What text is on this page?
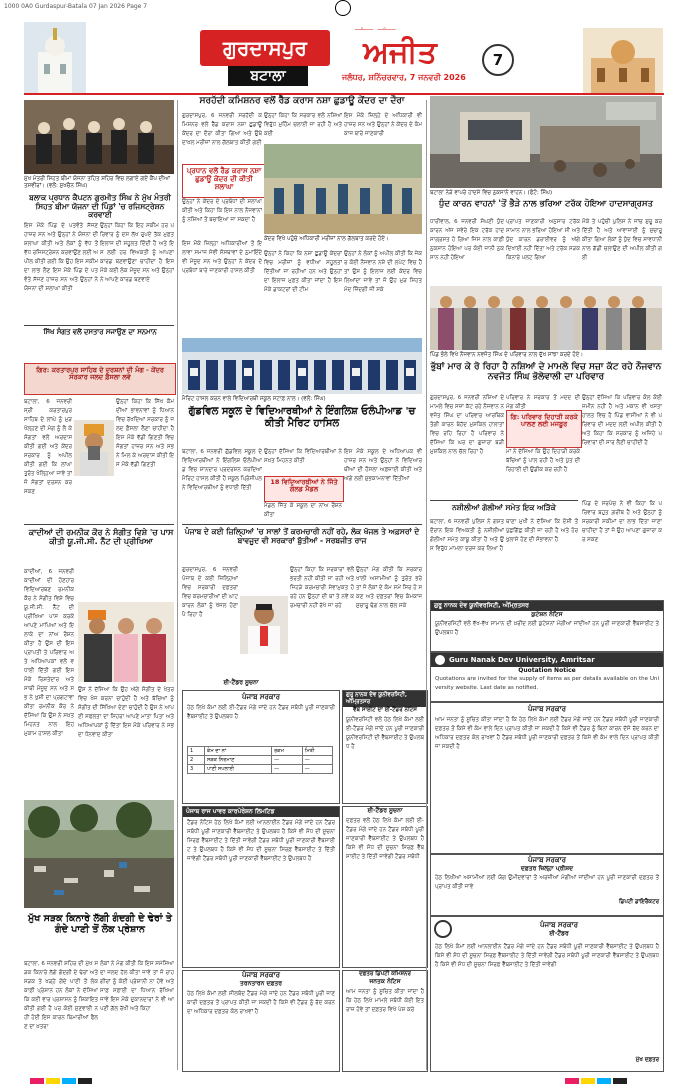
1000 0A0 Gurdaspur-Batala 07 Jan 2026 Page 7
ਗੁਰਦਾਸਪੁਰ
ਬਟਾਲਾ
ਅਜੀਤ
ਜਲੰਧਰ, ਸ਼ਨਿੱਚਰਵਾਰ, 7 ਜਨਵਰੀ 2026
7
ਮੁੱਖ ਮੰਤਰੀ ਸਿਹਤ ਬੀਮਾ ਯੋਜਨਾ ਤਹਿਤ ਸ਼ਹਿਰ ਵਿਚ ਲਗਾਏ ਗਏ ਕੈਂਪ ਦੀਆਂ ਤਸਵੀਰਾਂ। (ਵਲੋਂ: ਸੁਖਚੈਨ ਸਿੰਘ)
ਬਲਾਕ ਪ੍ਰਧਾਨ ਕੈਪਟਨ ਗੁਰਮੀਤ ਸਿੰਘ ਨੇ ਮੁੱਖ ਮੰਤਰੀ ਸਿਹਤ ਬੀਮਾ ਯੋਜਨਾ ਦੀ ਪਿੰਡਾਂ 'ਚ ਰਜਿਸਟ੍ਰੇਸ਼ਨ ਕਰਵਾਈ
ਇਸ ਮੌਕੇ ਪਿੰਡ ਦੇ ਪਤਵੰਤੇ ਸੱਜਣ ਹਾਜ਼ਰ ਸਨ ਅਤੇ ਉਨ੍ਹਾਂ ਨੇ ਯੋਜਨਾ ਦੀ ਸ਼ਲਾਘਾ ਕੀਤੀ ਅਤੇ ਲੋਕਾਂ ਨੂੰ ਵੱਧ ਤੋਂ ਵੱਧ ਰਜਿਸਟ੍ਰੇਸ਼ਨ ਕਰਵਾਉਣ ਲਈ ਅਪੀਲ ਕੀਤੀ ਗਈ ਕਿ ਉਹ ਇਸ ਸਕੀਮ ਦਾ ਲਾਭ ਲੈਣ ਇਸ ਮੌਕੇ ਪਿੰਡ ਦੇ ਪਤਵੰਤੇ ਸੱਜਣ ਹਾਜ਼ਰ ਸਨ ਅਤੇ ਉਨ੍ਹਾਂ ਨੇ ਯੋਜਨਾ ਦੀ ਸ਼ਲਾਘਾ ਕੀਤੀ
ਉਨ੍ਹਾਂ ਕਿਹਾ ਕਿ ਇਹ ਸਕੀਮ ਹਰ ਪਰਿਵਾਰ ਨੂੰ ਦਸ ਲੱਖ ਰੁਪਏ ਤੱਕ ਮੁਫ਼ਤ ਇਲਾਜ ਦੀ ਸਹੂਲਤ ਦਿੰਦੀ ਹੈ ਅਤੇ ਇਸ ਲਈ ਹਰ ਵਿਅਕਤੀ ਨੂੰ ਆਪਣਾ ਕਾਰਡ ਬਣਵਾਉਣਾ ਚਾਹੀਦਾ ਹੈ ਇਸ ਮੌਕੇ ਕਈ ਲੋਕ ਮੌਜੂਦ ਸਨ ਅਤੇ ਉਨ੍ਹਾਂ ਨੇ ਆਪਣੇ ਕਾਰਡ ਬਣਵਾਏ
ਸਿੱਖ ਸੰਗਤ ਵਲੋਂ ਦਸਤਾਰ ਸਜਾਉਣ ਦਾ ਸਨਮਾਨ
ਗਿਰ: ਕਰਤਾਰਪੁਰ ਸਾਹਿਬ ਦੇ ਦਰਸ਼ਨਾਂ ਦੀ ਮੰਗ - ਕੇਂਦਰ ਸਰਕਾਰ ਜਲਦ ਫ਼ੈਸਲਾ ਲਵੇ
ਬਟਾਲਾ, 6 ਜਨਵਰੀ ਸ੍ਰੀ ਕਰਤਾਰਪੁਰ ਸਾਹਿਬ ਦੇ ਲਾਂਘੇ ਨੂੰ ਮੁੜ ਖੋਲ੍ਹਣ ਦੀ ਮੰਗ ਨੂੰ ਲੈ ਕੇ ਸੰਗਤਾਂ ਵਲੋਂ ਅਰਦਾਸ ਕੀਤੀ ਗਈ ਅਤੇ ਕੇਂਦਰ ਸਰਕਾਰ ਨੂੰ ਅਪੀਲ ਕੀਤੀ ਗਈ ਕਿ ਲਾਂਘਾ ਤੁਰੰਤ ਖੋਲ੍ਹਿਆ ਜਾਵੇ ਤਾਂ ਜੋ ਸੰਗਤਾਂ ਦਰਸ਼ਨ ਕਰ ਸਕਣ
ਉਨ੍ਹਾਂ ਕਿਹਾ ਕਿ ਸਿੱਖ ਕੌਮ ਦੀਆਂ ਭਾਵਨਾਵਾਂ ਨੂੰ ਧਿਆਨ ਵਿਚ ਰੱਖਦਿਆਂ ਸਰਕਾਰ ਨੂੰ ਜਲਦ ਫ਼ੈਸਲਾ ਲੈਣਾ ਚਾਹੀਦਾ ਹੈ ਇਸ ਮੌਕੇ ਵੱਡੀ ਗਿਣਤੀ ਵਿਚ ਸੰਗਤਾਂ ਹਾਜ਼ਰ ਸਨ ਅਤੇ ਸਭ ਨੇ ਮਿਲ ਕੇ ਅਰਦਾਸ ਕੀਤੀ ਇਸ ਮੌਕੇ ਵੱਡੀ ਗਿਣਤੀ
ਕਾਦੀਆਂ ਦੀ ਰਮਨੀਕ ਕੌਰ ਨੇ ਸੰਗੀਤ ਵਿਸ਼ੇ 'ਚ ਪਾਸ ਕੀਤੀ ਯੂ.ਜੀ.ਸੀ. ਨੈੱਟ ਦੀ ਪ੍ਰੀਖਿਆ
ਕਾਦੀਆਂ, 6 ਜਨਵਰੀ ਕਾਦੀਆਂ ਦੀ ਹੋਣਹਾਰ ਵਿਦਿਆਰਥਣ ਰਮਨੀਕ ਕੌਰ ਨੇ ਸੰਗੀਤ ਵਿਸ਼ੇ ਵਿਚ ਯੂ.ਜੀ.ਸੀ. ਨੈੱਟ ਦੀ ਪ੍ਰੀਖਿਆ ਪਾਸ ਕਰਕੇ ਆਪਣੇ ਮਾਪਿਆਂ ਅਤੇ ਇਲਾਕੇ ਦਾ ਨਾਂਅ ਰੌਸ਼ਨ ਕੀਤਾ ਹੈ ਉਸ ਦੀ ਇਸ ਪ੍ਰਾਪਤੀ ਤੇ ਪਰਿਵਾਰ ਅਤੇ ਅਧਿਆਪਕਾਂ ਵਲੋਂ ਵਧਾਈ ਦਿੱਤੀ ਗਈ ਇਸ ਮੌਕੇ ਰਿਸ਼ਤੇਦਾਰ ਅਤੇ ਸਾਥੀ ਮੌਜੂਦ ਸਨ ਅਤੇ ਸਭ ਨੇ ਖੁਸ਼ੀ ਦਾ ਪ੍ਰਗਟਾਵਾ ਕੀਤਾ ਰਮਨੀਕ ਕੌਰ ਨੇ ਦੱਸਿਆ ਕਿ ਉਸ ਨੇ ਸਖ਼ਤ ਮਿਹਨਤ ਨਾਲ ਇਹ ਮੁਕਾਮ ਹਾਸਲ ਕੀਤਾ
ਉਸ ਨੇ ਦੱਸਿਆ ਕਿ ਉਹ ਅੱਗੇ ਸੰਗੀਤ ਦੇ ਖੇਤਰ ਵਿਚ ਖੋਜ ਕਰਨਾ ਚਾਹੁੰਦੀ ਹੈ ਅਤੇ ਬੱਚਿਆਂ ਨੂੰ ਸੰਗੀਤ ਦੀ ਸਿੱਖਿਆ ਦੇਣਾ ਚਾਹੁੰਦੀ ਹੈ ਉਸ ਨੇ ਆਪਣੀ ਸਫਲਤਾ ਦਾ ਸਿਹਰਾ ਆਪਣੇ ਮਾਤਾ ਪਿਤਾ ਅਤੇ ਅਧਿਆਪਕਾਂ ਨੂੰ ਦਿੱਤਾ ਇਸ ਮੌਕੇ ਪਰਿਵਾਰ ਨੇ ਸਭ ਦਾ ਧੰਨਵਾਦ ਕੀਤਾ
ਮੁੱਖ ਸੜਕ ਕਿਨਾਰੇ ਲੱਗੀ ਗੰਦਗੀ ਦੇ ਢੇਰਾਂ ਤੇ ਗੰਦੇ ਪਾਣੀ ਤੋਂ ਲੋਕ ਪ੍ਰੇਸ਼ਾਨ
ਬਟਾਲਾ, 6 ਜਨਵਰੀ ਸ਼ਹਿਰ ਦੀ ਮੁੱਖ ਸੜਕ ਕਿਨਾਰੇ ਲੱਗੇ ਗੰਦਗੀ ਦੇ ਢੇਰਾਂ ਅਤੇ ਸੜਕ ਤੇ ਖੜ੍ਹੇ ਗੰਦੇ ਪਾਣੀ ਤੋਂ ਲੋਕ ਕਾਫ਼ੀ ਪ੍ਰੇਸ਼ਾਨ ਹਨ ਲੋਕਾਂ ਨੇ ਦੱਸਿਆ ਕਿ ਕਈ ਵਾਰ ਪ੍ਰਸ਼ਾਸਨ ਨੂੰ ਸ਼ਿਕਾਇਤ ਕੀਤੀ ਗਈ ਹੈ ਪਰ ਕੋਈ ਸੁਣਵਾਈ ਨਹੀਂ ਹੋਈ ਇਸ ਕਾਰਨ ਬਿਮਾਰੀਆਂ ਫੈਲਣ ਦਾ ਖ਼ਤਰਾ
ਲੋਕਾਂ ਨੇ ਮੰਗ ਕੀਤੀ ਕਿ ਇਸ ਸਮੱਸਿਆ ਦਾ ਜਲਦ ਹੱਲ ਕੀਤਾ ਜਾਵੇ ਤਾਂ ਜੋ ਰਾਹਗੀਰਾਂ ਨੂੰ ਕੋਈ ਪ੍ਰੇਸ਼ਾਨੀ ਨਾ ਹੋਵੇ ਅਤੇ ਸਾਫ਼ ਸਫ਼ਾਈ ਦਾ ਧਿਆਨ ਰੱਖਿਆ ਜਾਵੇ ਇਸ ਮੌਕੇ ਦੁਕਾਨਦਾਰਾਂ ਨੇ ਵੀ ਆਪਣੀ ਗੱਲ ਰੱਖੀ ਅਤੇ ਕਿਹਾ
ਸਰਹੱਦੀ ਕਮਿਸ਼ਨਰ ਵਲੋਂ ਰੈੱਡ ਕਰਾਸ ਨਸ਼ਾ ਛੁਡਾਊ ਕੇਂਦਰ ਦਾ ਦੌਰਾ
ਗੁਰਦਾਸਪੁਰ, 6 ਜਨਵਰੀ ਸਰਹੱਦੀ ਕਮਿਸ਼ਨਰ ਵਲੋਂ ਰੈੱਡ ਕਰਾਸ ਨਸ਼ਾ ਛੁਡਾਊ ਕੇਂਦਰ ਦਾ ਦੌਰਾ ਕੀਤਾ ਗਿਆ ਅਤੇ ਉਥੇ ਦਾਖ਼ਲ ਮਰੀਜ਼ਾਂ ਨਾਲ ਗੱਲਬਾਤ ਕੀਤੀ ਗਈ
ਪ੍ਰਧਾਨ ਵਲੋਂ ਰੈੱਡ ਕਰਾਸ ਨਸ਼ਾ ਛੁਡਾਊ ਕੇਂਦਰ ਦੀ ਕੀਤੀ ਸ਼ਲਾਘਾ
ਉਨ੍ਹਾਂ ਨੇ ਕੇਂਦਰ ਦੇ ਪ੍ਰਬੰਧਾਂ ਦੀ ਸ਼ਲਾਘਾ ਕੀਤੀ ਅਤੇ ਕਿਹਾ ਕਿ ਇਸ ਨਾਲ ਨੌਜਵਾਨਾਂ ਨੂੰ ਨਸ਼ਿਆਂ ਤੋਂ ਬਚਾਇਆ ਜਾ ਸਕਦਾ ਹੈ
ਉਨ੍ਹਾਂ ਕਿਹਾ ਕਿ ਸਰਕਾਰ ਵਲੋਂ ਨਸ਼ਿਆਂ ਵਿਰੁੱਧ ਮੁਹਿੰਮ ਚਲਾਈ ਜਾ ਰਹੀ ਹੈ ਅਤੇ ਕਈ
ਇਸ ਮੌਕੇ ਜ਼ਿਲ੍ਹੇ ਦੇ ਅਧਿਕਾਰੀ ਵੀ ਹਾਜ਼ਰ ਸਨ ਅਤੇ ਉਨ੍ਹਾਂ ਨੇ ਕੇਂਦਰ ਦੇ ਕੰਮਕਾਜ ਬਾਰੇ ਜਾਣਕਾਰੀ
ਕੇਂਦਰ ਵਿਖੇ ਪਹੁੰਚੇ ਅਧਿਕਾਰੀ ਮਰੀਜ਼ਾਂ ਨਾਲ ਗੱਲਬਾਤ ਕਰਦੇ ਹੋਏ।
ਉਨ੍ਹਾਂ ਨੇ ਕਿਹਾ ਕਿ ਨਸ਼ਾ ਛੁਡਾਊ ਕੇਂਦਰਾਂ ਵਿਚ ਮਰੀਜ਼ਾਂ ਨੂੰ ਵਧੀਆ ਸਹੂਲਤਾਂ ਦਿੱਤੀਆਂ ਜਾ ਰਹੀਆਂ ਹਨ ਅਤੇ ਉਨ੍ਹਾਂ ਦਾ ਇਲਾਜ ਮੁਫ਼ਤ ਕੀਤਾ ਜਾਂਦਾ ਹੈ ਇਸ ਮੌਕੇ ਡਾਕਟਰਾਂ ਦੀ ਟੀਮ
ਉਨ੍ਹਾਂ ਨੇ ਲੋਕਾਂ ਨੂੰ ਅਪੀਲ ਕੀਤੀ ਕਿ ਜੇਕਰ ਕੋਈ ਨੌਜਵਾਨ ਨਸ਼ੇ ਦੀ ਲਪੇਟ ਵਿਚ ਹੈ ਤਾਂ ਉਸ ਨੂੰ ਇਲਾਜ ਲਈ ਕੇਂਦਰ ਵਿਚ ਲਿਆਂਦਾ ਜਾਵੇ ਤਾਂ ਜੋ ਉਹ ਮੁੜ ਸਿਹਤਮੰਦ ਜ਼ਿੰਦਗੀ ਜੀ ਸਕੇ
ਇਸ ਮੌਕੇ ਜ਼ਿਲ੍ਹਾ ਅਧਿਕਾਰੀਆਂ ਤੋਂ ਇਲਾਵਾ ਸਮਾਜ ਸੇਵੀ ਸੰਸਥਾਵਾਂ ਦੇ ਨੁਮਾਇੰਦੇ ਵੀ ਮੌਜੂਦ ਸਨ ਅਤੇ ਉਨ੍ਹਾਂ ਨੇ ਕੇਂਦਰ ਦੇ ਪ੍ਰਬੰਧਾਂ ਬਾਰੇ ਜਾਣਕਾਰੀ ਹਾਸਲ ਕੀਤੀ
ਮੈਰਿਟ ਹਾਸਲ ਕਰਨ ਵਾਲੇ ਵਿਦਿਆਰਥੀ ਸਕੂਲ ਸਟਾਫ਼ ਨਾਲ। (ਵਲੋਂ: ਸਿੰਘ)
ਗੁੱਡਵਿਲ ਸਕੂਲ ਦੇ ਵਿਦਿਆਰਥੀਆਂ ਨੇ ਇੰਗਲਿਸ਼ ਓਲੰਪੀਆਡ 'ਚ ਕੀਤੀ ਮੈਰਿਟ ਹਾਸਿਲ
ਬਟਾਲਾ, 6 ਜਨਵਰੀ ਗੁੱਡਵਿਲ ਸਕੂਲ ਦੇ ਵਿਦਿਆਰਥੀਆਂ ਨੇ ਇੰਗਲਿਸ਼ ਓਲੰਪੀਆਡ ਵਿਚ ਸ਼ਾਨਦਾਰ ਪ੍ਰਦਰਸ਼ਨ ਕਰਦਿਆਂ ਮੈਰਿਟ ਹਾਸਲ ਕੀਤੀ ਹੈ ਸਕੂਲ ਪ੍ਰਿੰਸੀਪਲ ਨੇ ਵਿਦਿਆਰਥੀਆਂ ਨੂੰ ਵਧਾਈ ਦਿੱਤੀ
ਉਨ੍ਹਾਂ ਦੱਸਿਆ ਕਿ ਵਿਦਿਆਰਥੀਆਂ ਨੇ ਸਖ਼ਤ ਮਿਹਨਤ ਕੀਤੀ
18 ਵਿਦਿਆਰਥੀਆਂ ਨੇ ਜਿੱਤੇ ਗੋਲਡ ਮੈਡਲ
ਇਸ ਮੌਕੇ ਸਕੂਲ ਦੇ ਅਧਿਆਪਕ ਵੀ ਹਾਜ਼ਰ ਸਨ ਅਤੇ ਉਨ੍ਹਾਂ ਨੇ ਵਿਦਿਆਰਥੀਆਂ ਦੀ ਹੌਸਲਾ ਅਫ਼ਜ਼ਾਈ ਕੀਤੀ ਅਤੇ ਅੱਗੇ ਲਈ ਸ਼ੁਭਕਾਮਨਾਵਾਂ ਦਿੱਤੀਆਂ
ਮੈਡਲ ਜਿੱਤ ਕੇ ਸਕੂਲ ਦਾ ਨਾਂਅ ਰੌਸ਼ਨ ਕੀਤਾ
ਪੰਜਾਬ ਦੇ ਕਈ ਜ਼ਿਲ੍ਹਿਆਂ 'ਚ ਸਾਲਾਂ ਤੋਂ ਕਰਮਚਾਰੀ ਨਹੀਂ ਰਹੇ, ਲੋਕ ਖੱਜਲ ਤੇ ਅਫ਼ਸਰਾਂ ਦੇ ਬਾਵਜੂਦ ਵੀ ਸਰਕਾਰਾਂ ਬੁੱਤੀਆਂ - ਸਰਬਜੀਤ ਰਾਜ
ਗੁਰਦਾਸਪੁਰ, 6 ਜਨਵਰੀ ਪੰਜਾਬ ਦੇ ਕਈ ਜ਼ਿਲ੍ਹਿਆਂ ਵਿਚ ਸਰਕਾਰੀ ਦਫ਼ਤਰਾਂ ਵਿਚ ਕਰਮਚਾਰੀਆਂ ਦੀ ਘਾਟ ਕਾਰਨ ਲੋਕਾਂ ਨੂੰ ਖੱਜਲ ਹੋਣਾ ਪੈ ਰਿਹਾ ਹੈ
ਉਨ੍ਹਾਂ ਕਿਹਾ ਕਿ ਸਰਕਾਰਾਂ ਵਲੋਂ ਭਰਤੀ ਨਹੀਂ ਕੀਤੀ ਜਾ ਰਹੀ ਅਤੇ ਜਿਹੜੇ ਕਰਮਚਾਰੀ ਸੇਵਾਮੁਕਤ ਹੋ ਰਹੇ ਹਨ ਉਨ੍ਹਾਂ ਦੀ ਥਾਂ ਤੇ ਨਵੇਂ ਕਰਮਚਾਰੀ ਨਹੀਂ ਰੱਖੇ ਜਾ ਰਹੇ
ਉਨ੍ਹਾਂ ਮੰਗ ਕੀਤੀ ਕਿ ਸਰਕਾਰ ਖਾਲੀ ਅਸਾਮੀਆਂ ਨੂੰ ਤੁਰੰਤ ਭਰੇ ਤਾਂ ਜੋ ਲੋਕਾਂ ਦੇ ਕੰਮ ਸਮੇਂ ਸਿਰ ਹੋ ਸਕਣ ਅਤੇ ਦਫ਼ਤਰਾਂ ਵਿਚ ਕੰਮਕਾਜ ਸੁਚਾਰੂ ਢੰਗ ਨਾਲ ਚੱਲ ਸਕੇ
ਈ-ਟੈਂਡਰ ਸੂਚਨਾ
ਪੰਜਾਬ ਸਰਕਾਰ
ਹੇਠ ਲਿਖੇ ਕੰਮਾਂ ਲਈ ਈ-ਟੈਂਡਰ ਮੰਗੇ ਜਾਂਦੇ ਹਨ ਟੈਂਡਰ ਸਬੰਧੀ ਪੂਰੀ ਜਾਣਕਾਰੀ ਵੈੱਬਸਾਈਟ ਤੇ ਉਪਲਬਧ ਹੈ
1	ਕੰਮ ਦਾ ਨਾਂ	ਰਕਮ	ਮਿਤੀ
2	ਸੜਕ ਨਿਰਮਾਣ	—	—
3	ਪਾਣੀ ਸਪਲਾਈ	—	—
ਪੰਜਾਬ ਰਾਜ ਪਾਵਰ ਕਾਰਪੋਰੇਸ਼ਨ ਲਿਮਟਿਡ
ਟੈਂਡਰ ਨੋਟਿਸ ਹੇਠ ਲਿਖੇ ਕੰਮਾਂ ਲਈ ਆਨਲਾਈਨ ਟੈਂਡਰ ਮੰਗੇ ਜਾਂਦੇ ਹਨ ਟੈਂਡਰ ਸਬੰਧੀ ਪੂਰੀ ਜਾਣਕਾਰੀ ਵੈੱਬਸਾਈਟ ਤੇ ਉਪਲਬਧ ਹੈ ਕਿਸੇ ਵੀ ਸੋਧ ਦੀ ਸੂਚਨਾ ਸਿਰਫ਼ ਵੈੱਬਸਾਈਟ ਤੇ ਦਿੱਤੀ ਜਾਵੇਗੀ ਟੈਂਡਰ ਸਬੰਧੀ ਪੂਰੀ ਜਾਣਕਾਰੀ ਵੈੱਬਸਾਈਟ ਤੇ ਉਪਲਬਧ ਹੈ ਕਿਸੇ ਵੀ ਸੋਧ ਦੀ ਸੂਚਨਾ ਸਿਰਫ਼ ਵੈੱਬਸਾਈਟ ਤੇ ਦਿੱਤੀ ਜਾਵੇਗੀ ਟੈਂਡਰ ਸਬੰਧੀ ਪੂਰੀ ਜਾਣਕਾਰੀ ਵੈੱਬਸਾਈਟ ਤੇ ਉਪਲਬਧ ਹੈ
ਪੰਜਾਬ ਸਰਕਾਰ
ਤਰਨਤਾਰਨ ਦਫ਼ਤਰ
ਹੇਠ ਲਿਖੇ ਕੰਮਾਂ ਲਈ ਸੀਲਬੰਦ ਟੈਂਡਰ ਮੰਗੇ ਜਾਂਦੇ ਹਨ ਟੈਂਡਰ ਸਬੰਧੀ ਪੂਰੀ ਜਾਣਕਾਰੀ ਦਫ਼ਤਰ ਤੋਂ ਪ੍ਰਾਪਤ ਕੀਤੀ ਜਾ ਸਕਦੀ ਹੈ ਕਿਸੇ ਵੀ ਟੈਂਡਰ ਨੂੰ ਰੱਦ ਕਰਨ ਦਾ ਅਧਿਕਾਰ ਦਫ਼ਤਰ ਕੋਲ ਰਾਖਵਾਂ ਹੈ
ਗੁਰੂ ਨਾਨਕ ਦੇਵ ਯੂਨੀਵਰਸਿਟੀ, ਅੰਮ੍ਰਿਤਸਰ
ਵੈੱਬ ਸਾਈਟ ਦਾ ਈ-ਟੈਂਡਰ ਨੋਟਿਸ
ਯੂਨੀਵਰਸਿਟੀ ਵਲੋਂ ਹੇਠ ਲਿਖੇ ਕੰਮਾਂ ਲਈ ਈ-ਟੈਂਡਰ ਮੰਗੇ ਜਾਂਦੇ ਹਨ ਪੂਰੀ ਜਾਣਕਾਰੀ ਯੂਨੀਵਰਸਿਟੀ ਦੀ ਵੈੱਬਸਾਈਟ ਤੇ ਉਪਲਬਧ ਹੈ
ਈ-ਟੈਂਡਰ ਸੂਚਨਾ
ਦਫ਼ਤਰ ਵਲੋਂ ਹੇਠ ਲਿਖੇ ਕੰਮਾਂ ਲਈ ਈ-ਟੈਂਡਰ ਮੰਗੇ ਜਾਂਦੇ ਹਨ ਟੈਂਡਰ ਸਬੰਧੀ ਪੂਰੀ ਜਾਣਕਾਰੀ ਵੈੱਬਸਾਈਟ ਤੇ ਉਪਲਬਧ ਹੈ ਕਿਸੇ ਵੀ ਸੋਧ ਦੀ ਸੂਚਨਾ ਸਿਰਫ਼ ਵੈੱਬਸਾਈਟ ਤੇ ਦਿੱਤੀ ਜਾਵੇਗੀ ਟੈਂਡਰ ਸਬੰਧੀ
ਦਫ਼ਤਰ ਡਿਪਟੀ ਕਮਿਸ਼ਨਰ
ਜਨਤਕ ਨੋਟਿਸ
ਆਮ ਜਨਤਾ ਨੂੰ ਸੂਚਿਤ ਕੀਤਾ ਜਾਂਦਾ ਹੈ ਕਿ ਹੇਠ ਲਿਖੇ ਮਾਮਲੇ ਸਬੰਧੀ ਕੋਈ ਇਤਰਾਜ਼ ਹੋਵੇ ਤਾਂ ਦਫ਼ਤਰ ਵਿਖੇ ਪੇਸ਼ ਕਰੇ
ਬਟਾਲਾ ਨੇੜੇ ਵਾਪਰੇ ਹਾਦਸੇ ਵਿਚ ਨੁਕਸਾਨੇ ਵਾਹਨ। (ਫੋਟੋ: ਸਿੰਘ)
ਧੁੰਦ ਕਾਰਨ ਵਾਹਨਾਂ 'ਤੋਂ ਭੈੜੇ ਨਾਲ ਭਰਿਆ ਟਰੱਕ ਹੋਇਆ ਹਾਦਸਾਗ੍ਰਸਤ
ਧਾਰੀਵਾਲ, 6 ਜਨਵਰੀ ਸੰਘਣੀ ਧੁੰਦ ਕਾਰਨ ਅੱਜ ਸਵੇਰੇ ਇਕ ਟਰੱਕ ਹਾਦਸਾਗ੍ਰਸਤ ਹੋ ਗਿਆ ਜਿਸ ਨਾਲ ਕਾਫ਼ੀ ਨੁਕਸਾਨ ਹੋਇਆ ਪਰ ਕੋਈ ਜਾਨੀ ਨੁਕਸਾਨ ਨਹੀਂ ਹੋਇਆ
ਪ੍ਰਾਪਤ ਜਾਣਕਾਰੀ ਅਨੁਸਾਰ ਟਰੱਕ ਸਾਮਾਨ ਨਾਲ ਭਰਿਆ ਹੋਇਆ ਸੀ ਅਤੇ ਧੁੰਦ ਕਾਰਨ ਡਰਾਈਵਰ ਨੂੰ ਅੱਗੇ ਦਿਖਾਈ ਨਹੀਂ ਦਿੱਤਾ ਅਤੇ ਟਰੱਕ ਸੜਕ ਕਿਨਾਰੇ ਪਲਟ ਗਿਆ
ਮੌਕੇ ਤੇ ਪਹੁੰਚੀ ਪੁਲਿਸ ਨੇ ਜਾਂਚ ਸ਼ੁਰੂ ਕਰ ਦਿੱਤੀ ਹੈ ਅਤੇ ਆਵਾਜਾਈ ਨੂੰ ਸੁਚਾਰੂ ਕੀਤਾ ਗਿਆ ਲੋਕਾਂ ਨੂੰ ਧੁੰਦ ਵਿਚ ਸਾਵਧਾਨੀ ਨਾਲ ਗੱਡੀ ਚਲਾਉਣ ਦੀ ਅਪੀਲ ਕੀਤੀ ਗਈ
ਪਿੰਡ ਭੋਲੇ ਵਿਖੇ ਨੌਜਵਾਨ ਨਵਜੋਤ ਸਿੰਘ ਦੇ ਪਰਿਵਾਰ ਨਾਲ ਦੁੱਖ ਸਾਂਝਾ ਕਰਦੇ ਹੋਏ।
ਭੁੱਬਾਂ ਮਾਰ ਕੇ ਰੋ ਰਿਹਾ ਹੈ ਨਸ਼ਿਆਂ ਦੇ ਮਾਮਲੇ ਵਿਚ ਸਜ਼ਾ ਕੱਟ ਰਹੇ ਨੌਜਵਾਨ ਨਵਜੋਤ ਸਿੰਘ ਭੋਲੇਵਾਲੀ ਦਾ ਪਰਿਵਾਰ
ਗੁਰਦਾਸਪੁਰ, 6 ਜਨਵਰੀ ਨਸ਼ਿਆਂ ਦੇ ਮਾਮਲੇ ਵਿਚ ਸਜ਼ਾ ਕੱਟ ਰਹੇ ਨੌਜਵਾਨ ਨਵਜੋਤ ਸਿੰਘ ਦਾ ਪਰਿਵਾਰ ਆਰਥਿਕ ਤੰਗੀ ਕਾਰਨ ਬੇਹੱਦ ਮੁਸ਼ਕਿਲ ਹਾਲਾਤਾਂ ਵਿਚ ਰਹਿ ਰਿਹਾ ਹੈ ਪਰਿਵਾਰ ਨੇ ਦੱਸਿਆ ਕਿ ਘਰ ਦਾ ਗੁਜ਼ਾਰਾ ਬੜੀ ਮੁਸ਼ਕਿਲ ਨਾਲ ਚੱਲ ਰਿਹਾ ਹੈ
ਗਿ: ਪਰਿਵਾਰ ਦਿਹਾੜੀ ਕਰਕੇ ਪਾਲਣ ਲਈ ਮਜਬੂਰ
ਪਰਿਵਾਰ ਨੇ ਸਰਕਾਰ ਤੋਂ ਮਦਦ ਦੀ ਮੰਗ ਕੀਤੀ
ਮਾਂ ਨੇ ਦੱਸਿਆ ਕਿ ਉਹ ਦਿਹਾੜੀ ਕਰਕੇ ਬੱਚਿਆਂ ਨੂੰ ਪਾਲ ਰਹੀ ਹੈ ਅਤੇ ਪੁੱਤ ਦੀ ਰਿਹਾਈ ਦੀ ਉਡੀਕ ਕਰ ਰਹੀ ਹੈ
ਉਨ੍ਹਾਂ ਦੱਸਿਆ ਕਿ ਪਰਿਵਾਰ ਕੋਲ ਕੋਈ ਜ਼ਮੀਨ ਨਹੀਂ ਹੈ ਅਤੇ ਮਕਾਨ ਵੀ ਖਸਤਾ ਹਾਲਤ ਵਿਚ ਹੈ ਪਿੰਡ ਵਾਸੀਆਂ ਨੇ ਵੀ ਪਰਿਵਾਰ ਦੀ ਮਦਦ ਲਈ ਅਪੀਲ ਕੀਤੀ ਹੈ ਅਤੇ ਕਿਹਾ ਕਿ ਸਰਕਾਰ ਨੂੰ ਅਜਿਹੇ ਪਰਿਵਾਰਾਂ ਦੀ ਸਾਰ ਲੈਣੀ ਚਾਹੀਦੀ ਹੈ
ਨਸ਼ੀਲੀਆਂ ਗੋਲੀਆਂ ਸਮੇਤ ਇਕ ਅੜਿੱਕੇ
ਬਟਾਲਾ, 6 ਜਨਵਰੀ ਪੁਲਿਸ ਨੇ ਗਸ਼ਤ ਦੌਰਾਨ ਇਕ ਵਿਅਕਤੀ ਨੂੰ ਨਸ਼ੀਲੀਆਂ ਗੋਲੀਆਂ ਸਮੇਤ ਕਾਬੂ ਕੀਤਾ ਹੈ ਅਤੇ ਉਸ ਵਿਰੁੱਧ ਮਾਮਲਾ ਦਰਜ ਕਰ ਲਿਆ ਹੈ
ਥਾਣਾ ਮੁਖੀ ਨੇ ਦੱਸਿਆ ਕਿ ਦੋਸ਼ੀ ਤੋਂ ਪੁੱਛਗਿੱਛ ਕੀਤੀ ਜਾ ਰਹੀ ਹੈ ਅਤੇ ਹੋਰ ਖੁਲਾਸੇ ਹੋਣ ਦੀ ਸੰਭਾਵਨਾ ਹੈ
ਪਿੰਡ ਦੇ ਸਰਪੰਚ ਨੇ ਵੀ ਕਿਹਾ ਕਿ ਪਰਿਵਾਰ ਬਹੁਤ ਗ਼ਰੀਬ ਹੈ ਅਤੇ ਉਨ੍ਹਾਂ ਨੂੰ ਸਰਕਾਰੀ ਸਕੀਮਾਂ ਦਾ ਲਾਭ ਦਿੱਤਾ ਜਾਣਾ ਚਾਹੀਦਾ ਹੈ ਤਾਂ ਜੋ ਉਹ ਆਪਣਾ ਗੁਜ਼ਾਰਾ ਕਰ ਸਕਣ
ਗੁਰੂ ਨਾਨਕ ਦੇਵ ਯੂਨੀਵਰਸਿਟੀ, ਅੰਮ੍ਰਿਤਸਰ
ਕੁਟੇਸ਼ਨ ਨੋਟਿਸ
ਯੂਨੀਵਰਸਿਟੀ ਵਲੋਂ ਵੱਖ-ਵੱਖ ਸਾਮਾਨ ਦੀ ਖ਼ਰੀਦ ਲਈ ਕੁਟੇਸ਼ਨਾਂ ਮੰਗੀਆਂ ਜਾਂਦੀਆਂ ਹਨ ਪੂਰੀ ਜਾਣਕਾਰੀ ਵੈੱਬਸਾਈਟ ਤੇ ਉਪਲਬਧ ਹੈ
Guru Nanak Dev University, Amritsar
Quotation Notice
Quotations are invited for the supply of items as per details available on the University website. Last date as notified.
ਪੰਜਾਬ ਸਰਕਾਰ
ਆਮ ਜਨਤਾ ਨੂੰ ਸੂਚਿਤ ਕੀਤਾ ਜਾਂਦਾ ਹੈ ਕਿ ਹੇਠ ਲਿਖੇ ਕੰਮਾਂ ਲਈ ਟੈਂਡਰ ਮੰਗੇ ਜਾਂਦੇ ਹਨ ਟੈਂਡਰ ਸਬੰਧੀ ਪੂਰੀ ਜਾਣਕਾਰੀ ਦਫ਼ਤਰ ਤੋਂ ਕਿਸੇ ਵੀ ਕੰਮ ਵਾਲੇ ਦਿਨ ਪ੍ਰਾਪਤ ਕੀਤੀ ਜਾ ਸਕਦੀ ਹੈ ਕਿਸੇ ਵੀ ਟੈਂਡਰ ਨੂੰ ਬਿਨਾਂ ਕਾਰਨ ਦੱਸੇ ਰੱਦ ਕਰਨ ਦਾ ਅਧਿਕਾਰ ਦਫ਼ਤਰ ਕੋਲ ਰਾਖਵਾਂ ਹੈ ਟੈਂਡਰ ਸਬੰਧੀ ਪੂਰੀ ਜਾਣਕਾਰੀ ਦਫ਼ਤਰ ਤੋਂ ਕਿਸੇ ਵੀ ਕੰਮ ਵਾਲੇ ਦਿਨ ਪ੍ਰਾਪਤ ਕੀਤੀ ਜਾ ਸਕਦੀ ਹੈ
ਪੰਜਾਬ ਸਰਕਾਰ
ਦਫ਼ਤਰ ਜ਼ਿਲ੍ਹਾ ਪ੍ਰੀਸ਼ਦ
ਹੇਠ ਲਿਖੀਆਂ ਅਸਾਮੀਆਂ ਲਈ ਯੋਗ ਉਮੀਦਵਾਰਾਂ ਤੋਂ ਅਰਜ਼ੀਆਂ ਮੰਗੀਆਂ ਜਾਂਦੀਆਂ ਹਨ ਪੂਰੀ ਜਾਣਕਾਰੀ ਦਫ਼ਤਰ ਤੋਂ ਪ੍ਰਾਪਤ ਕੀਤੀ ਜਾਵੇ
ਡਿਪਟੀ ਡਾਇਰੈਕਟਰ
ਪੰਜਾਬ ਸਰਕਾਰ
ਈ-ਟੈਂਡਰ
ਹੇਠ ਲਿਖੇ ਕੰਮਾਂ ਲਈ ਆਨਲਾਈਨ ਟੈਂਡਰ ਮੰਗੇ ਜਾਂਦੇ ਹਨ ਟੈਂਡਰ ਸਬੰਧੀ ਪੂਰੀ ਜਾਣਕਾਰੀ ਵੈੱਬਸਾਈਟ ਤੇ ਉਪਲਬਧ ਹੈ ਕਿਸੇ ਵੀ ਸੋਧ ਦੀ ਸੂਚਨਾ ਸਿਰਫ਼ ਵੈੱਬਸਾਈਟ ਤੇ ਦਿੱਤੀ ਜਾਵੇਗੀ ਟੈਂਡਰ ਸਬੰਧੀ ਪੂਰੀ ਜਾਣਕਾਰੀ ਵੈੱਬਸਾਈਟ ਤੇ ਉਪਲਬਧ ਹੈ ਕਿਸੇ ਵੀ ਸੋਧ ਦੀ ਸੂਚਨਾ ਸਿਰਫ਼ ਵੈੱਬਸਾਈਟ ਤੇ ਦਿੱਤੀ ਜਾਵੇਗੀ
ਮੁੱਖ ਦਫ਼ਤਰ
